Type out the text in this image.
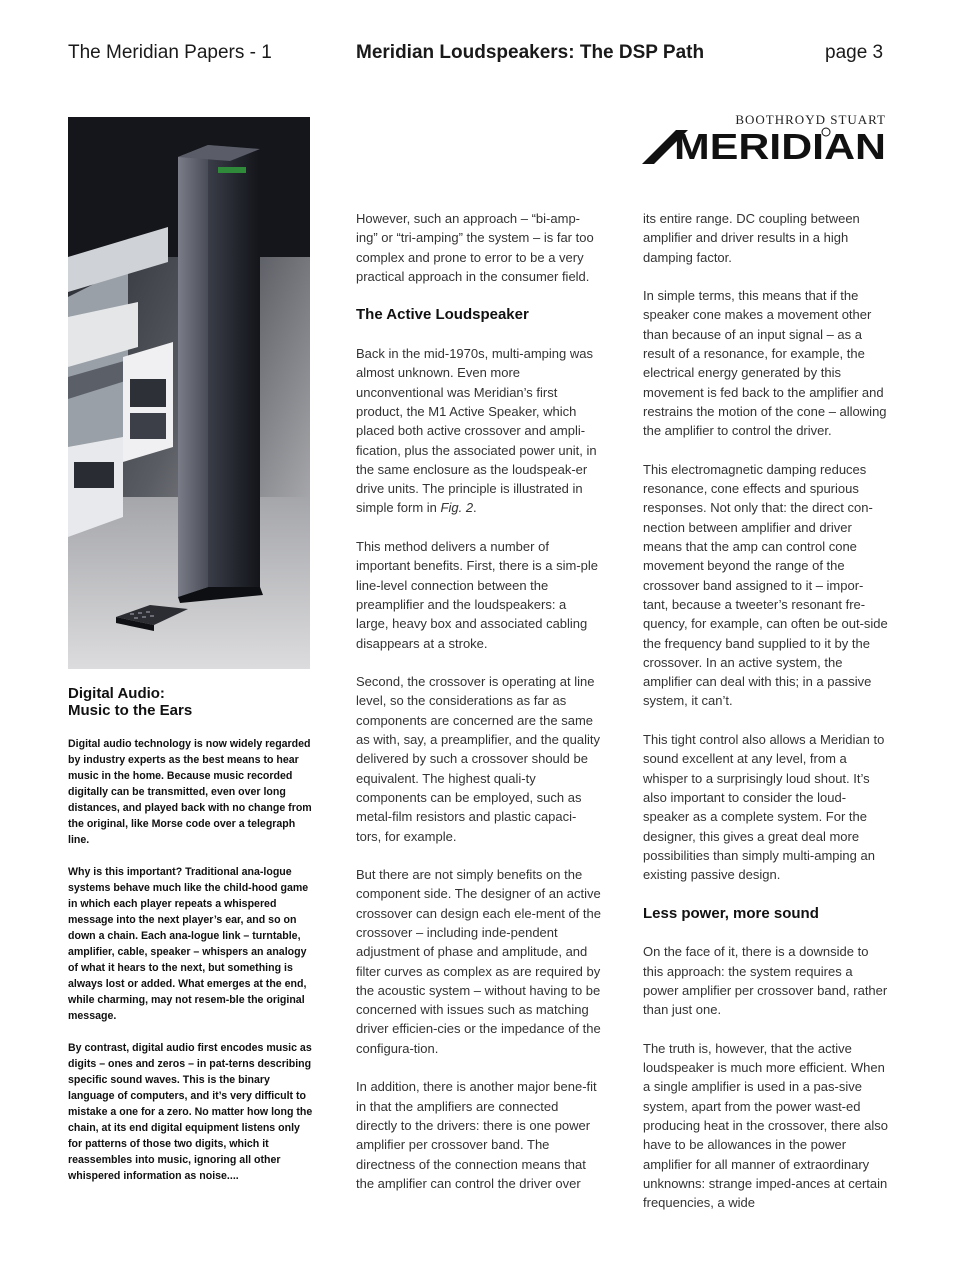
The Meridian Papers - 1	Meridian Loudspeakers: The DSP Path	page 3
BOOTHROYD STUART
MERIDIAN
Digital Audio:
Music to the Ears

Digital audio technology is now widely regarded by industry experts as the best means to hear music in the home. Because music recorded digitally can be transmitted, even over long distances, and played back with no change from the original, like Morse code over a telegraph line.

Why is this important? Traditional ana-logue systems behave much like the child-hood game in which each player repeats a whispered message into the next player’s ear, and so on down a chain. Each ana-logue link – turntable, amplifier, cable, speaker – whispers an analogy of what it hears to the next, but something is always lost or added. What emerges at the end, while charming, may not resem-ble the original message.

By contrast, digital audio first encodes music as digits – ones and zeros – in pat-terns describing specific sound waves. This is the binary language of computers, and it’s very difficult to mistake a one for a zero. No matter how long the chain, at its end digital equipment listens only for patterns of those two digits, which it reassembles into music, ignoring all other whispered information as noise....

However, such an approach – “bi-amp-ing” or “tri-amping” the system – is far too complex and prone to error to be a very practical approach in the consumer field.

The Active Loudspeaker

Back in the mid-1970s, multi-amping was almost unknown. Even more unconventional was Meridian’s first product, the M1 Active Speaker, which placed both active crossover and ampli-fication, plus the associated power unit, in the same enclosure as the loudspeak-er drive units. The principle is illustrated in simple form in Fig. 2.

This method delivers a number of important benefits. First, there is a sim-ple line-level connection between the preamplifier and the loudspeakers: a large, heavy box and associated cabling disappears at a stroke.

Second, the crossover is operating at line level, so the considerations as far as components are concerned are the same as with, say, a preamplifier, and the quality delivered by such a crossover should be equivalent. The highest quali-ty components can be employed, such as metal-film resistors and plastic capaci-tors, for example.

But there are not simply benefits on the component side. The designer of an active crossover can design each ele-ment of the crossover – including inde-pendent adjustment of phase and amplitude, and filter curves as complex as are required by the acoustic system – without having to be concerned with issues such as matching driver efficien-cies or the impedance of the configura-tion.

In addition, there is another major bene-fit in that the amplifiers are connected directly to the drivers: there is one power amplifier per crossover band. The directness of the connection means that the amplifier can control the driver over

its entire range. DC coupling between amplifier and driver results in a high damping factor.

In simple terms, this means that if the speaker cone makes a movement other than because of an input signal – as a result of a resonance, for example, the electrical energy generated by this movement is fed back to the amplifier and restrains the motion of the cone – allowing the amplifier to control the driver.

This electromagnetic damping reduces resonance, cone effects and spurious responses. Not only that: the direct con-nection between amplifier and driver means that the amp can control cone movement beyond the range of the crossover band assigned to it – impor-tant, because a tweeter’s resonant fre-quency, for example, can often be out-side the frequency band supplied to it by the crossover. In an active system, the amplifier can deal with this; in a passive system, it can’t.

This tight control also allows a Meridian to sound excellent at any level, from a whisper to a surprisingly loud shout. It’s also important to consider the loud-speaker as a complete system. For the designer, this gives a great deal more possibilities than simply multi-amping an existing passive design.

Less power, more sound

On the face of it, there is a downside to this approach: the system requires a power amplifier per crossover band, rather than just one.

The truth is, however, that the active loudspeaker is much more efficient. When a single amplifier is used in a pas-sive system, apart from the power wast-ed producing heat in the crossover, there also have to be allowances in the power amplifier for all manner of extraordinary unknowns: strange imped-ances at certain frequencies, a wide
